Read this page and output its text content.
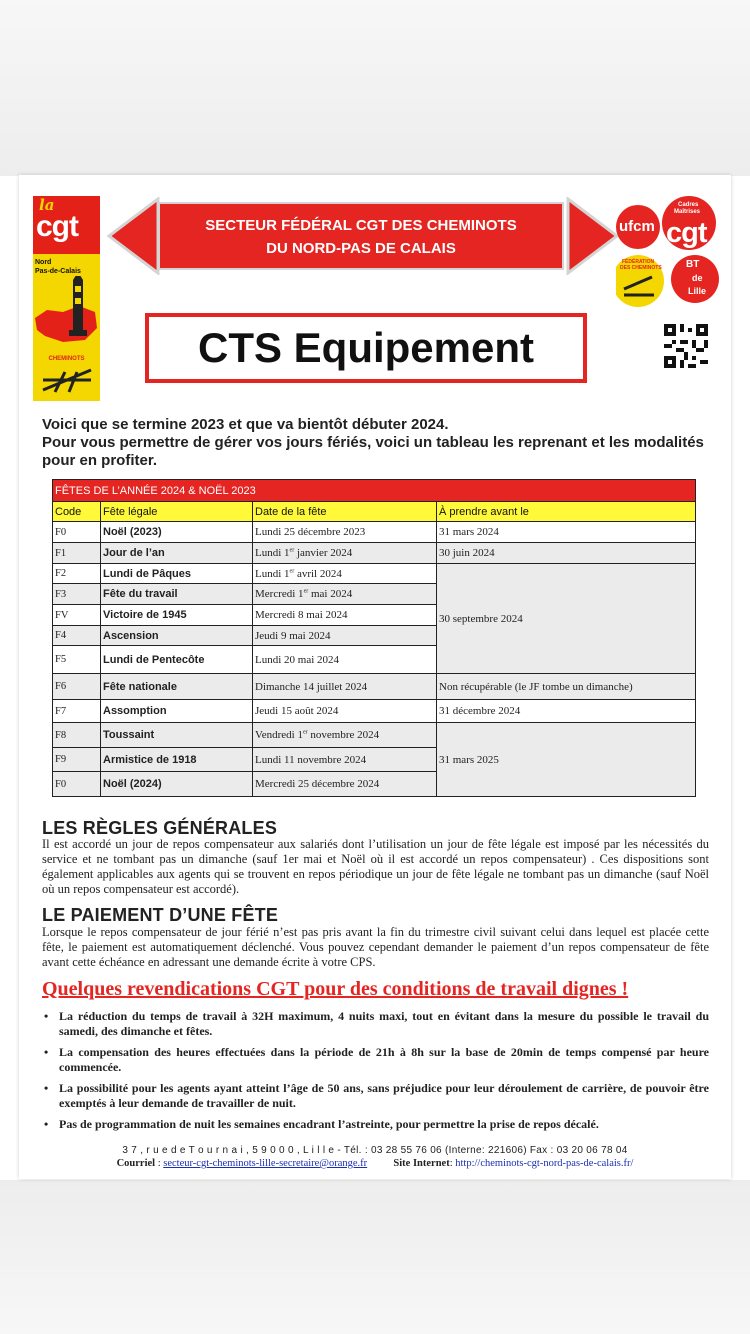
la
cgt
Nord
Pas-de-Calais
CHEMINOTS
SECTEUR FÉDÉRAL CGT DES CHEMINOTS
DU NORD-PAS DE CALAIS
ufcm cgt
Cadres
Maîtrises
FÉDÉRATION
DES CHEMINOTS BT
de
Lille
CTS Equipement
Voici que se termine 2023 et que va bientôt débuter 2024.
Pour vous permettre de gérer vos jours fériés, voici un tableau les reprenant et les modalités pour en profiter.
FÊTES DE L’ANNÉE 2024 & NOËL 2023			
Code	Fête légale	Date de la fête	À prendre avant le
F0	Noël (2023)	Lundi 25 décembre 2023	31 mars 2024
F1	Jour de l’an	Lundi 1er janvier 2024	30 juin 2024
F2	Lundi de Pâques	Lundi 1er avril 2024	30 septembre 2024
F3	Fête du travail	Mercredi 1er mai 2024	
FV	Victoire de 1945	Mercredi 8 mai 2024	
F4	Ascension	Jeudi 9 mai 2024	
F5	Lundi de Pentecôte	Lundi 20 mai 2024	
F6	Fête nationale	Dimanche 14 juillet 2024	Non récupérable (le JF tombe un dimanche)
F7	Assomption	Jeudi 15 août 2024	31 décembre 2024
F8	Toussaint	Vendredi 1er novembre 2024	31 mars 2025
F9	Armistice de 1918	Lundi 11 novembre 2024	
F0	Noël (2024)	Mercredi 25 décembre 2024	
LES RÈGLES GÉNÉRALES
Il est accordé un jour de repos compensateur aux salariés dont l’utilisation un jour de fête légale est imposé par les nécessités du service et ne tombant pas un dimanche (sauf 1er mai et Noël où il est accordé un repos compensateur) . Ces dispositions sont également applicables aux agents qui se trouvent en repos périodique un jour de fête légale ne tombant pas un dimanche (sauf Noël où un repos compensateur est accordé).
LE PAIEMENT D’UNE FÊTE
Lorsque le repos compensateur de jour férié n’est pas pris avant la fin du trimestre civil suivant celui dans lequel est placée cette fête, le paiement est automatiquement déclenché. Vous pouvez cependant demander le paiement d’un repos compensateur de fête avant cette échéance en adressant une demande écrite à votre CPS.
Quelques revendications CGT pour des conditions de travail dignes !
• La réduction du temps de travail à 32H maximum, 4 nuits maxi, tout en évitant dans la mesure du possible le travail du samedi, des dimanche et fêtes.
• La compensation des heures effectuées dans la période de 21h à 8h sur la base de 20min de temps compensé par heure commencée.
• La possibilité pour les agents ayant atteint l’âge de 50 ans, sans préjudice pour leur déroulement de carrière, de pouvoir être exemptés à leur demande de travailler de nuit.
• Pas de programmation de nuit les semaines encadrant l’astreinte, pour permettre la prise de repos décalé.
3 7 , r u e d e T o u r n a i , 5 9 0 0 0 , L i l l e - Tél. : 03 28 55 76 06 (Interne: 221606) Fax : 03 20 06 78 04
Courriel : secteur-cgt-cheminots-lille-secretaire@orange.fr	Site Internet: http://cheminots-cgt-nord-pas-de-calais.fr/
